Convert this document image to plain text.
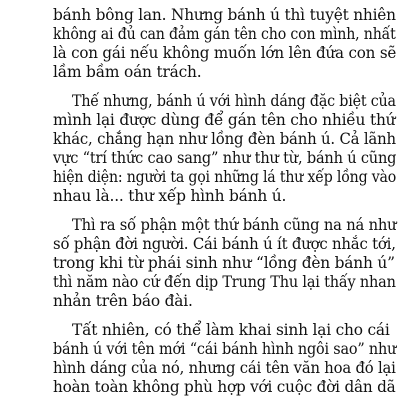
bánh bông lan. Nhưng bánh ú thì tuyệt nhiên
không ai đủ can đảm gán tên cho con mình, nhất
là con gái nếu không muốn lớn lên đứa con sẽ
lầm bầm oán trách.
Thế nhưng, bánh ú với hình dáng đặc biệt của
mình lại được dùng để gán tên cho nhiều thứ
khác, chẳng hạn như lồng đèn bánh ú. Cả lãnh
vực “trí thức cao sang” như thư từ, bánh ú cũng
hiện diện: người ta gọi những lá thư xếp lồng vào
nhau là... thư xếp hình bánh ú.
Thì ra số phận một thứ bánh cũng na ná như
số phận đời người. Cái bánh ú ít được nhắc tới,
trong khi từ phái sinh như “lồng đèn bánh ú”
thì năm nào cứ đến dịp Trung Thu lại thấy nhan
nhản trên báo đài.
Tất nhiên, có thể làm khai sinh lại cho cái
bánh ú với tên mới “cái bánh hình ngôi sao” như
hình dáng của nó, nhưng cái tên văn hoa đó lại
hoàn toàn không phù hợp với cuộc đời dân dã
